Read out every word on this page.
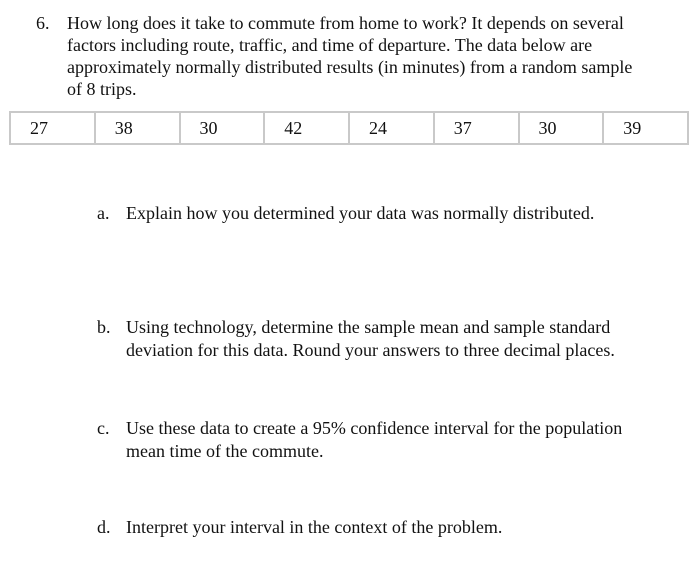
6. How long does it take to commute from home to work? It depends on several
factors including route, traffic, and time of departure. The data below are
approximately normally distributed results (in minutes) from a random sample
of 8 trips.
27	38	30	42	24	37	30	39
a. Explain how you determined your data was normally distributed.
b. Using technology, determine the sample mean and sample standard
deviation for this data. Round your answers to three decimal places.
c. Use these data to create a 95% confidence interval for the population
mean time of the commute.
d. Interpret your interval in the context of the problem.
